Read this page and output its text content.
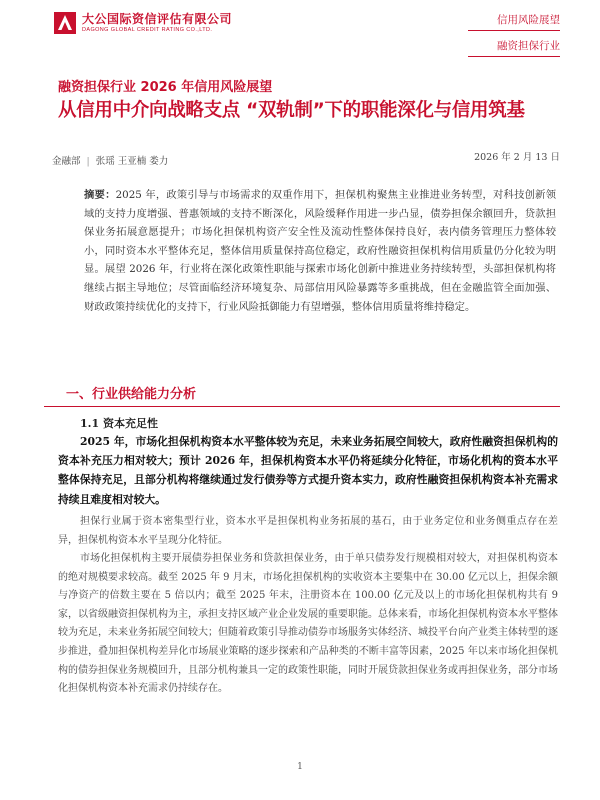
大公国际资信评估有限公司
DAGONG GLOBAL CREDIT RATING CO.,LTD.
信用风险展望
融资担保行业
融资担保行业 2026 年信用风险展望
从信用中介向战略支点 “双轨制”下的职能深化与信用筑基
金融部 | 张瑶 王亚楠 娄力	2026 年 2 月 13 日
摘要：2025 年，政策引导与市场需求的双重作用下，担保机构聚焦主业推进业务转型，对科技创新领域的支持力度增强、普惠领域的支持不断深化，风险缓释作用进一步凸显，债券担保余额回升，贷款担保业务拓展意愿提升；市场化担保机构资产安全性及流动性整体保持良好，表内债务管理压力整体较小，同时资本水平整体充足，整体信用质量保持高位稳定，政府性融资担保机构信用质量仍分化较为明显。展望 2026 年，行业将在深化政策性职能与探索市场化创新中推进业务持续转型，头部担保机构将继续占据主导地位；尽管面临经济环境复杂、局部信用风险暴露等多重挑战，但在金融监管全面加强、财政政策持续优化的支持下，行业风险抵御能力有望增强，整体信用质量将维持稳定。
一、行业供给能力分析
1.1 资本充足性
2025 年，市场化担保机构资本水平整体较为充足，未来业务拓展空间较大，政府性融资担保机构的资本补充压力相对较大；预计 2026 年，担保机构资本水平仍将延续分化特征，市场化机构的资本水平整体保持充足，且部分机构将继续通过发行债券等方式提升资本实力，政府性融资担保机构资本补充需求持续且难度相对较大。
担保行业属于资本密集型行业，资本水平是担保机构业务拓展的基石，由于业务定位和业务侧重点存在差异，担保机构资本水平呈现分化特征。
市场化担保机构主要开展债券担保业务和贷款担保业务，由于单只债券发行规模相对较大，对担保机构资本的绝对规模要求较高。截至 2025 年 9 月末，市场化担保机构的实收资本主要集中在 30.00 亿元以上，担保余额与净资产的倍数主要在 5 倍以内；截至 2025 年末，注册资本在 100.00 亿元及以上的市场化担保机构共有 9 家，以省级融资担保机构为主，承担支持区域产业企业发展的重要职能。总体来看，市场化担保机构资本水平整体较为充足，未来业务拓展空间较大；但随着政策引导推动债券市场服务实体经济、城投平台向产业类主体转型的逐步推进，叠加担保机构差异化市场展业策略的逐步探索和产品种类的不断丰富等因素，2025 年以来市场化担保机构的债券担保业务规模回升，且部分机构兼具一定的政策性职能，同时开展贷款担保业务或再担保业务，部分市场化担保机构资本补充需求仍持续存在。
1
